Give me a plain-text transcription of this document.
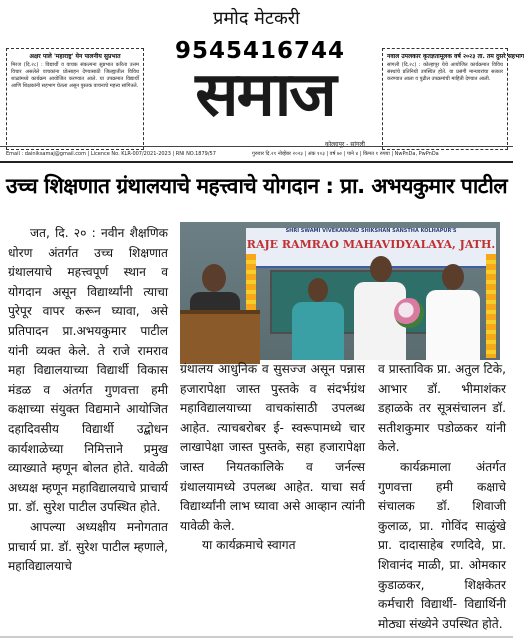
प्रमोद मेटकरी
अक्षर पाले 'महाराष्ट्र' येन पालनीय सुप्रभात
मिरज (दि.२८) : विद्यार्थी व वाचक संकल्पना सुप्रभात करिता उत्तम विचार असलेले वाचकांना प्रोत्साहन देण्यासाठी जिल्ह्यातील विविध शाळांमध्ये कार्यक्रम आयोजित करण्यात आले. या उपक्रमात विद्यार्थी आणि शिक्षकांनी सहभाग घेतला असून पुस्तक वाचनाचे महत्त्व सांगितले.
नवाल उपलकार कृतज्ञतामूलक वर्ष २०२३ ता. तम दुसरे सहभाग
सांगली (दि.२८) : कोल्हापूर येथे आयोजित कार्यक्रमात विविध संस्थांचे प्रतिनिधी उपस्थित होते. या प्रसंगी मान्यवरांचा सत्कार करण्यात आला व पुढील उपक्रमांची माहिती देण्यात आली.
9545416744
समाज
कोल्हापूर - सांगली
Email : dainiksamaj@gmail.com | Licence No. KLR-007/2021-2023 | RNI NO.1879/57	गुरुवार दि.२१ नोव्हेंबर २०२३ | अंक १०३ | वर्ष ७० | पाने ४ | किंमत १ रुपया | NwPnDa, PwPnDa
उच्च शिक्षणात ग्रंथालयाचे महत्त्वाचे योगदान : प्रा. अभयकुमार पाटील

जत, दि. २० : नवीन शैक्षणिक धोरण अंतर्गत उच्च शिक्षणात ग्रंथालयाचे महत्त्वपूर्ण स्थान व योगदान असून विद्यार्थ्यांनी त्याचा पुरेपूर वापर करून घ्यावा, असे प्रतिपादन प्रा.अभयकुमार पाटील यांनी व्यक्त केले. ते राजे रामराव महा विद्यालयाच्या विद्यार्थी विकास मंडळ व अंतर्गत गुणवत्ता हमी कक्षाच्या संयुक्त विद्यमाने आयोजित दहादिवसीय विद्यार्थी उद्बोधन कार्यशाळेच्या निमित्ताने प्रमुख व्याख्याते म्हणून बोलत होते. यावेळी अध्यक्ष म्हणून महाविद्यालयाचे प्राचार्य प्रा. डॉ. सुरेश पाटील उपस्थित होते.

आपल्या अध्यक्षीय मनोगतात प्राचार्य प्रा. डॉ. सुरेश पाटील म्हणाले, महाविद्यालयाचे

SHRI SWAMI VIVEKANAND SHIKSHAN SANSTHA KOLHAPUR'S
RAJE RAMRAO MAHAVIDYALAYA, JATH.

ग्रंथालय आधुनिक व सुसज्ज असून पन्नास हजारापेक्षा जास्त पुस्तके व संदर्भग्रंथ महाविद्यालयाच्या वाचकांसाठी उपलब्ध आहेत. त्याचबरोबर ई- स्वरूपामध्ये चार लाखापेक्षा जास्त पुस्तके, सहा हजारापेक्षा जास्त नियतकालिके व जर्नल्स ग्रंथालयामध्ये उपलब्ध आहेत. याचा सर्व विद्यार्थ्यांनी लाभ घ्यावा असे आव्हान त्यांनी यावेळी केले.

या कार्यक्रमाचे स्वागत

व प्रास्ताविक प्रा. अतुल टिके, आभार डॉ. भीमाशंकर डहाळके तर सूत्रसंचालन डॉ. सतीशकुमार पडोळकर यांनी केले.

कार्यक्रमाला अंतर्गत गुणवत्ता हमी कक्षाचे संचालक डॉ. शिवाजी कुलाळ, प्रा. गोविंद साळुंखे प्रा. दादासाहेब रणदिवे, प्रा. शिवानंद माळी, प्रा. ओमकार कुडाळकर, शिक्षकेतर कर्मचारी विद्यार्थी- विद्यार्थिनी मोठ्या संख्येने उपस्थित होते.
